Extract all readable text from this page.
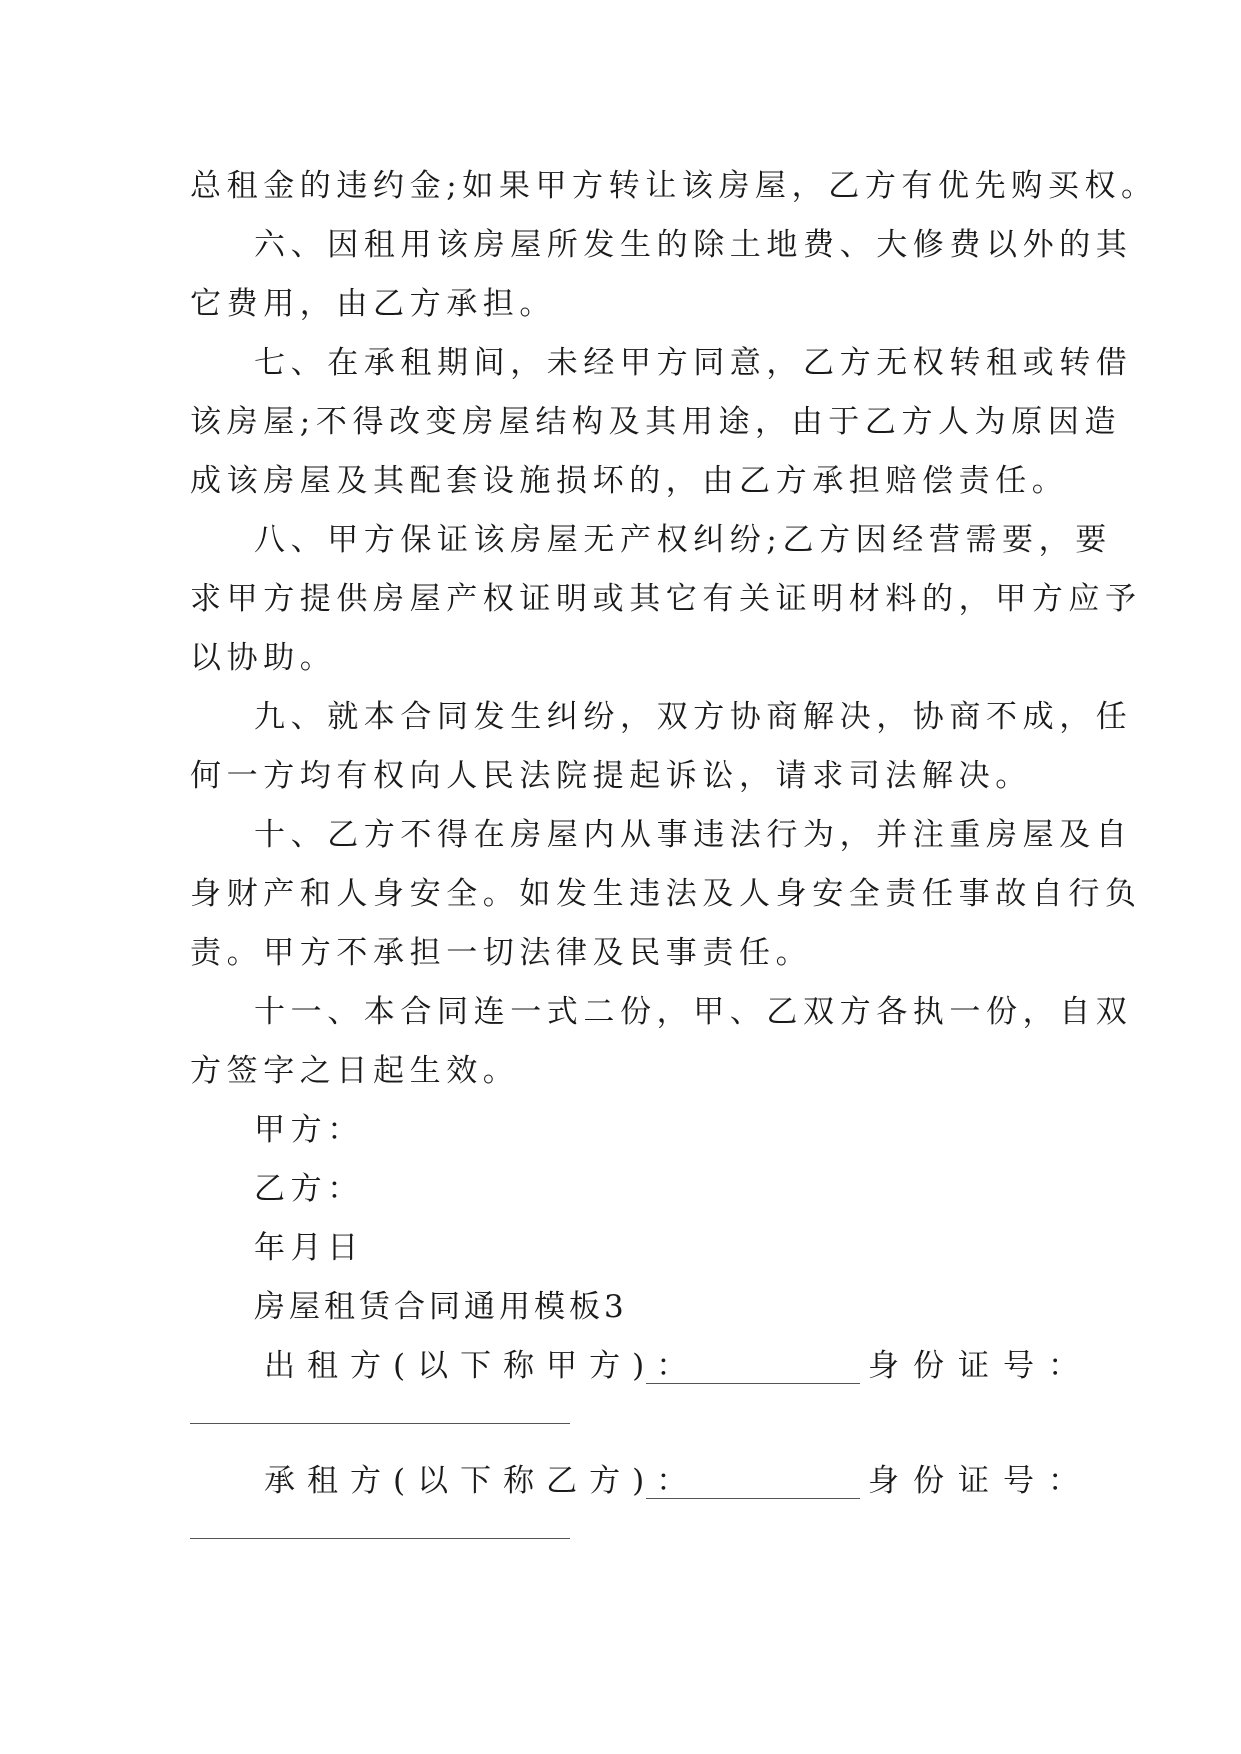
总租金的违约金;如果甲方转让该房屋，乙方有优先购买权。
六、因租用该房屋所发生的除土地费、大修费以外的其
它费用，由乙方承担。
七、在承租期间，未经甲方同意，乙方无权转租或转借
该房屋;不得改变房屋结构及其用途，由于乙方人为原因造
成该房屋及其配套设施损坏的，由乙方承担赔偿责任。
八、甲方保证该房屋无产权纠纷;乙方因经营需要，要
求甲方提供房屋产权证明或其它有关证明材料的，甲方应予
以协助。
九、就本合同发生纠纷，双方协商解决，协商不成，任
何一方均有权向人民法院提起诉讼，请求司法解决。
十、乙方不得在房屋内从事违法行为，并注重房屋及自
身财产和人身安全。如发生违法及人身安全责任事故自行负
责。甲方不承担一切法律及民事责任。
十一、本合同连一式二份，甲、乙双方各执一份，自双
方签字之日起生效。
甲方：
乙方：
年月日
房屋租赁合同通用模板3
出租方(以下称甲方)：	身份证号：
承租方(以下称乙方)：	身份证号：
